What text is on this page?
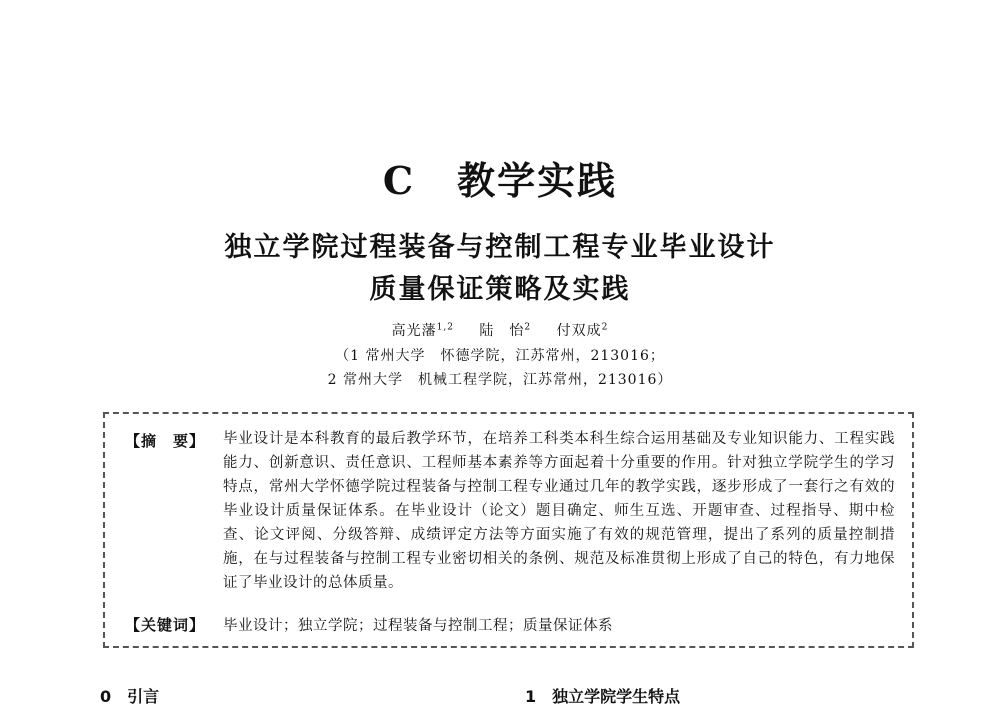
C 教学实践
独立学院过程装备与控制工程专业毕业设计
质量保证策略及实践
高光藩$^{1,2}$ 陆　怡$^2$ 付双成$^2$
（1 常州大学　怀德学院，江苏常州，213016；
2 常州大学　机械工程学院，江苏常州，213016）
【摘　要】 毕业设计是本科教育的最后教学环节，在培养工科类本科生综合运用基础及专业知识能力、工程实践能力、创新意识、责任意识、工程师基本素养等方面起着十分重要的作用。针对独立学院学生的学习特点，常州大学怀德学院过程装备与控制工程专业通过几年的教学实践，逐步形成了一套行之有效的毕业设计质量保证体系。在毕业设计（论文）题目确定、师生互选、开题审查、过程指导、期中检查、论文评阅、分级答辩、成绩评定方法等方面实施了有效的规范管理，提出了系列的质量控制措施，在与过程装备与控制工程专业密切相关的条例、规范及标准贯彻上形成了自己的特色，有力地保证了毕业设计的总体质量。
【关键词】 毕业设计；独立学院；过程装备与控制工程；质量保证体系
0　引言	1　独立学院学生特点
